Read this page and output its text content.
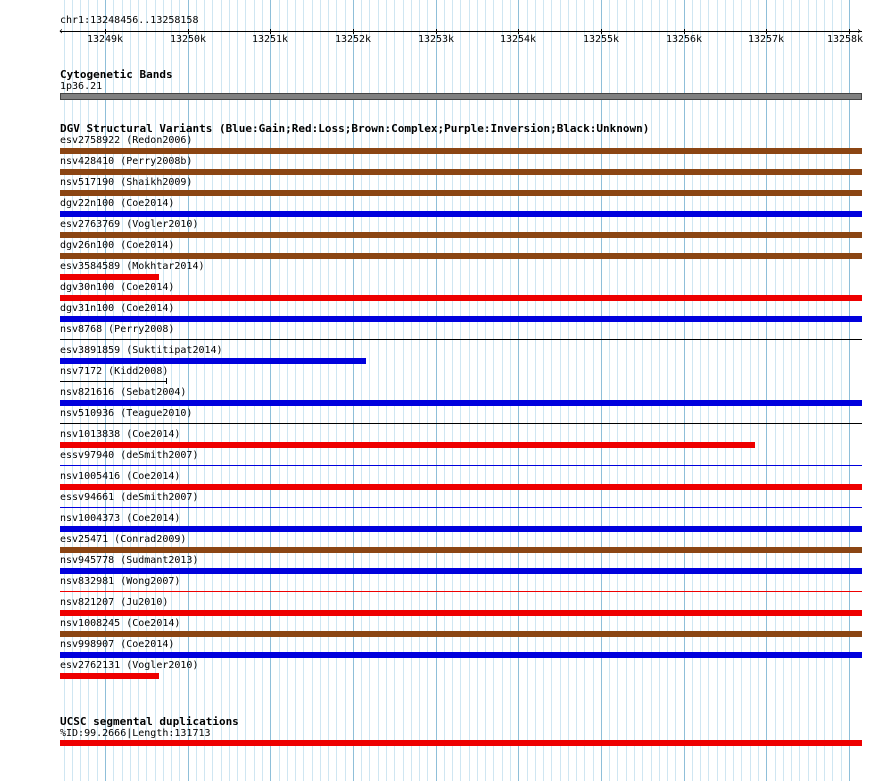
chr1:13248456..13258158
‹	›
13249k	13250k	13251k	13252k	13253k	13254k	13255k	13256k	13257k	13258k
Cytogenetic Bands
1p36.21
DGV Structural Variants (Blue:Gain;Red:Loss;Brown:Complex;Purple:Inversion;Black:Unknown)
esv2758922 (Redon2006)
nsv428410 (Perry2008b)
nsv517190 (Shaikh2009)
dgv22n100 (Coe2014)
esv2763769 (Vogler2010)
dgv26n100 (Coe2014)
esv3584589 (Mokhtar2014)
dgv30n100 (Coe2014)
dgv31n100 (Coe2014)
nsv8768 (Perry2008)
esv3891859 (Suktitipat2014)
nsv7172 (Kidd2008)
nsv821616 (Sebat2004)
nsv510936 (Teague2010)
nsv1013838 (Coe2014)
essv97940 (deSmith2007)
nsv1005416 (Coe2014)
essv94661 (deSmith2007)
nsv1004373 (Coe2014)
esv25471 (Conrad2009)
nsv945778 (Sudmant2013)
nsv832981 (Wong2007)
nsv821207 (Ju2010)
nsv1008245 (Coe2014)
nsv998907 (Coe2014)
esv2762131 (Vogler2010)
UCSC segmental duplications
%ID:99.2666|Length:131713
